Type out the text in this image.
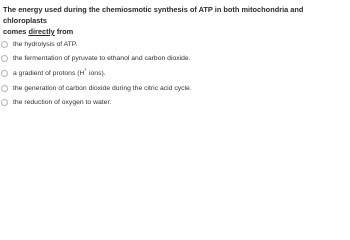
The energy used during the chemiosmotic synthesis of ATP in both mitochondria and chloroplasts
comes directly from
the hydrolysis of ATP.
the fermentation of pyruvate to ethanol and carbon dioxide.
a gradient of protons (H+ ions).
the generation of carbon dioxide during the citric acid cycle.
the reduction of oxygen to water.
